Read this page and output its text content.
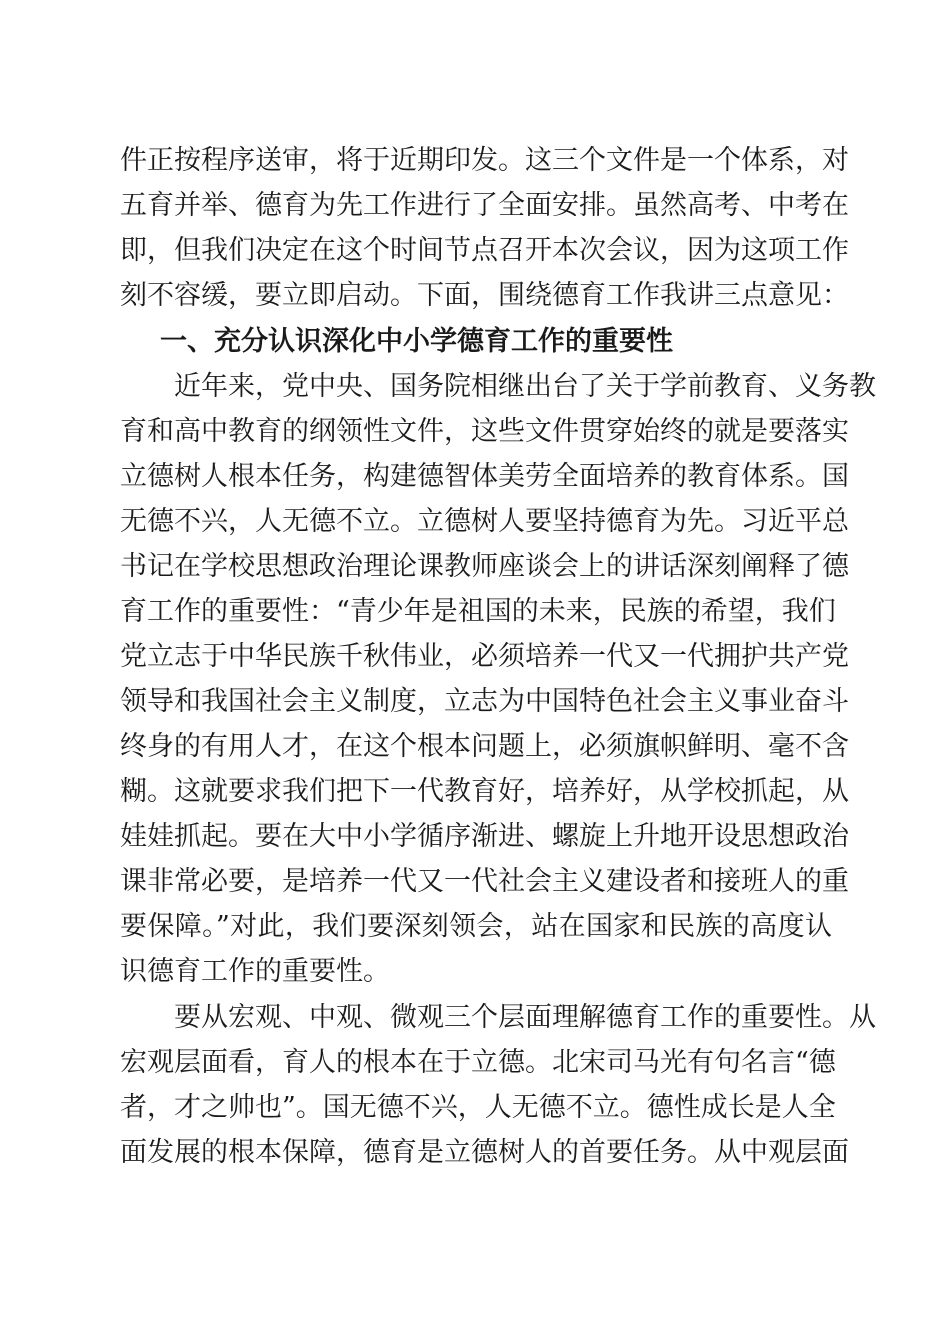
件正按程序送审，将于近期印发。这三个文件是一个体系，对
五育并举、德育为先工作进行了全面安排。虽然高考、中考在
即，但我们决定在这个时间节点召开本次会议，因为这项工作
刻不容缓，要立即启动。下面，围绕德育工作我讲三点意见：
一、充分认识深化中小学德育工作的重要性
近年来，党中央、国务院相继出台了关于学前教育、义务教
育和高中教育的纲领性文件，这些文件贯穿始终的就是要落实
立德树人根本任务，构建德智体美劳全面培养的教育体系。国
无德不兴，人无德不立。立德树人要坚持德育为先。习近平总
书记在学校思想政治理论课教师座谈会上的讲话深刻阐释了德
育工作的重要性：“青少年是祖国的未来，民族的希望，我们
党立志于中华民族千秋伟业，必须培养一代又一代拥护共产党
领导和我国社会主义制度，立志为中国特色社会主义事业奋斗
终身的有用人才，在这个根本问题上，必须旗帜鲜明、毫不含
糊。这就要求我们把下一代教育好，培养好，从学校抓起，从
娃娃抓起。要在大中小学循序渐进、螺旋上升地开设思想政治
课非常必要，是培养一代又一代社会主义建设者和接班人的重
要保障。”对此，我们要深刻领会，站在国家和民族的高度认
识德育工作的重要性。
要从宏观、中观、微观三个层面理解德育工作的重要性。从
宏观层面看，育人的根本在于立德。北宋司马光有句名言“德
者，才之帅也”。国无德不兴，人无德不立。德性成长是人全
面发展的根本保障，德育是立德树人的首要任务。从中观层面
